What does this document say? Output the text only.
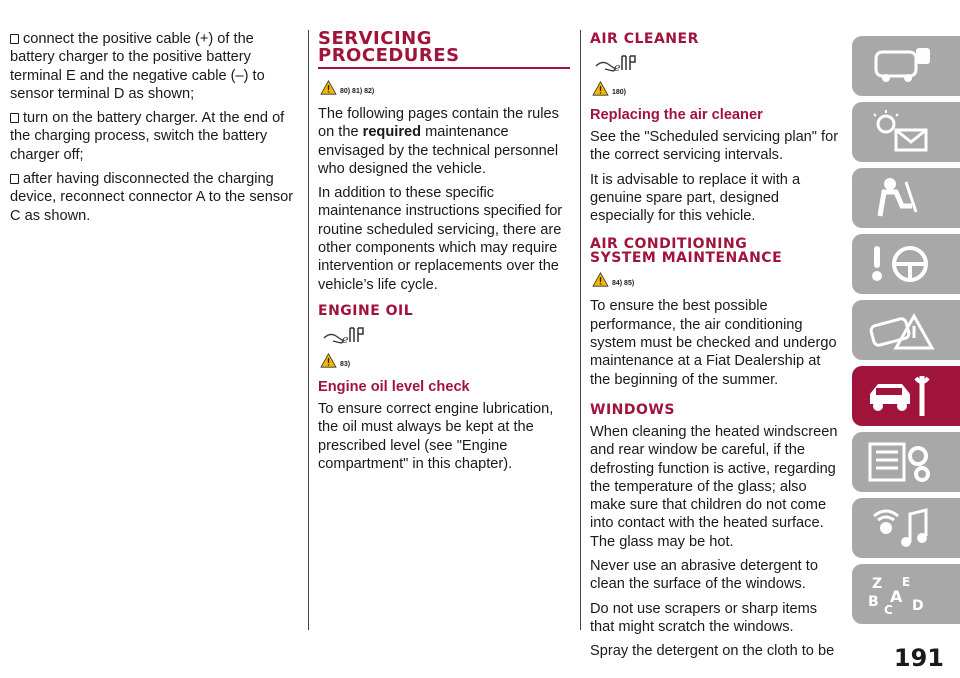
connect the positive cable (+) of the battery charger to the positive battery terminal E and the negative cable (–) to sensor terminal D as shown;
turn on the battery charger. At the end of the charging process, switch the battery charger off;
after having disconnected the charging device, reconnect connector A to the sensor C as shown.
SERVICING
PROCEDURES
80) 81) 82)

The following pages contain the rules on the required maintenance envisaged by the technical personnel who designed the vehicle.

In addition to these specific maintenance instructions specified for routine scheduled servicing, there are other components which may require intervention or replacements over the vehicle’s life cycle.

ENGINE OIL
e
83)
Engine oil level check

To ensure correct engine lubrication, the oil must always be kept at the prescribed level (see "Engine compartment" in this chapter).

AIR CLEANER
e
180)
Replacing the air cleaner

See the "Scheduled servicing plan" for the correct servicing intervals.

It is advisable to replace it with a genuine spare part, designed especially for this vehicle.

AIR CONDITIONING
SYSTEM MAINTENANCE
84) 85)

To ensure the best possible performance, the air conditioning system must be checked and undergo maintenance at a Fiat Dealership at the beginning of the summer.

WINDOWS

When cleaning the heated windscreen and rear window be careful, if the defrosting function is active, regarding the temperature of the glass; also make sure that children do not come into contact with the heated surface. The glass may be hot.

Never use an abrasive detergent to clean the surface of the windows.

Do not use scrapers or sharp items that might scratch the windows.

Spray the detergent on the cloth to be

Z E
B A
C D
191
